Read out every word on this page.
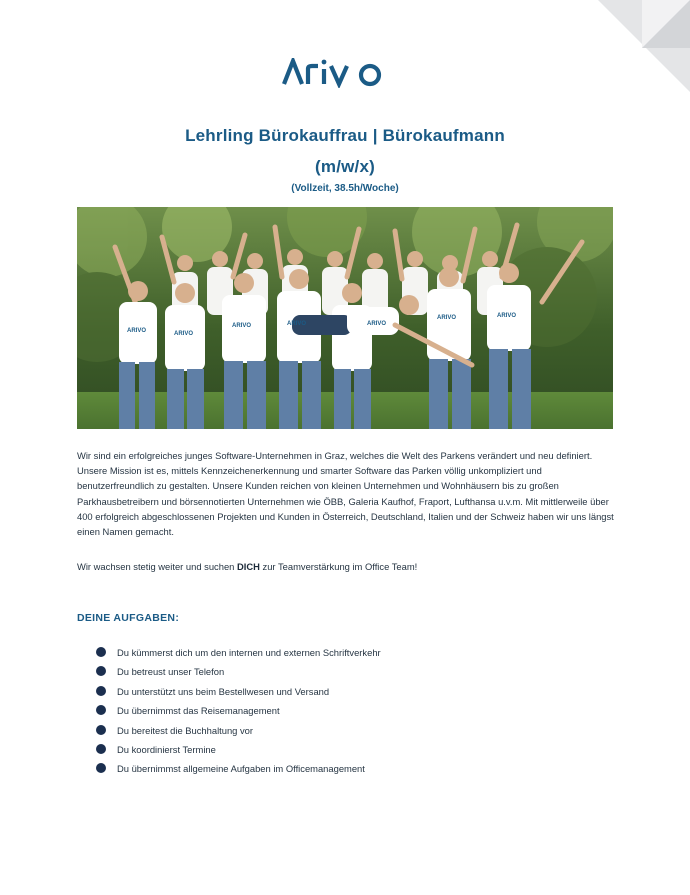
Lehrling Bürokauffrau | Bürokaufmann
(m/w/x)
(Vollzeit, 38.5h/Woche)
ARIVO	ARIVO
ARIVO	ARIVO	ARIVO
ARIVO	ARIVO

Wir sind ein erfolgreiches junges Software-Unternehmen in Graz, welches die Welt des Parkens verändert und neu definiert. Unsere Mission ist es, mittels Kennzeichenerkennung und smarter Software das Parken völlig unkompliziert und benutzerfreundlich zu gestalten. Unsere Kunden reichen von kleinen Unternehmen und Wohnhäusern bis zu großen Parkhausbetreibern und börsennotierten Unternehmen wie ÖBB, Galeria Kaufhof, Fraport, Lufthansa u.v.m. Mit mittlerweile über 400 erfolgreich abgeschlossenen Projekten und Kunden in Österreich, Deutschland, Italien und der Schweiz haben wir uns längst einen Namen gemacht.

Wir wachsen stetig weiter und suchen DICH zur Teamverstärkung im Office Team!

DEINE AUFGABEN:
Du kümmerst dich um den internen und externen Schriftverkehr
Du betreust unser Telefon
Du unterstützt uns beim Bestellwesen und Versand
Du übernimmst das Reisemanagement
Du bereitest die Buchhaltung vor
Du koordinierst Termine
Du übernimmst allgemeine Aufgaben im Officemanagement
